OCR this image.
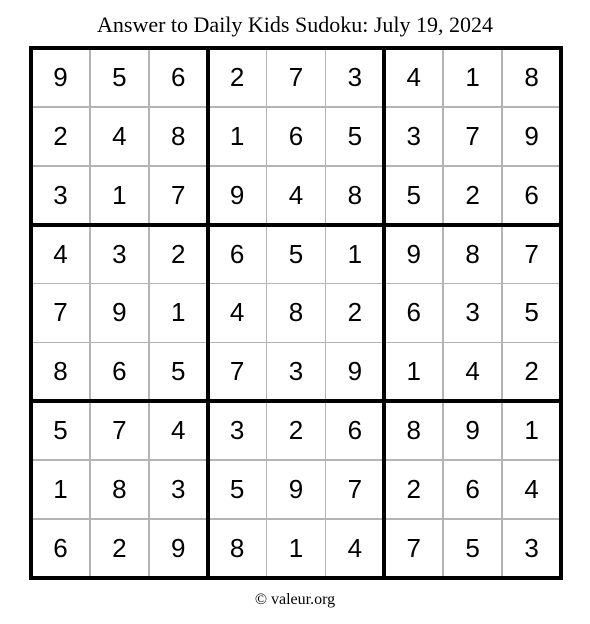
Answer to Daily Kids Sudoku: July 19, 2024
9	5	6	2	7	3	4	1	8
2	4	8	1	6	5	3	7	9
3	1	7	9	4	8	5	2	6
4	3	2	6	5	1	9	8	7
7	9	1	4	8	2	6	3	5
8	6	5	7	3	9	1	4	2
5	7	4	3	2	6	8	9	1
1	8	3	5	9	7	2	6	4
6	2	9	8	1	4	7	5	3
© valeur.org
